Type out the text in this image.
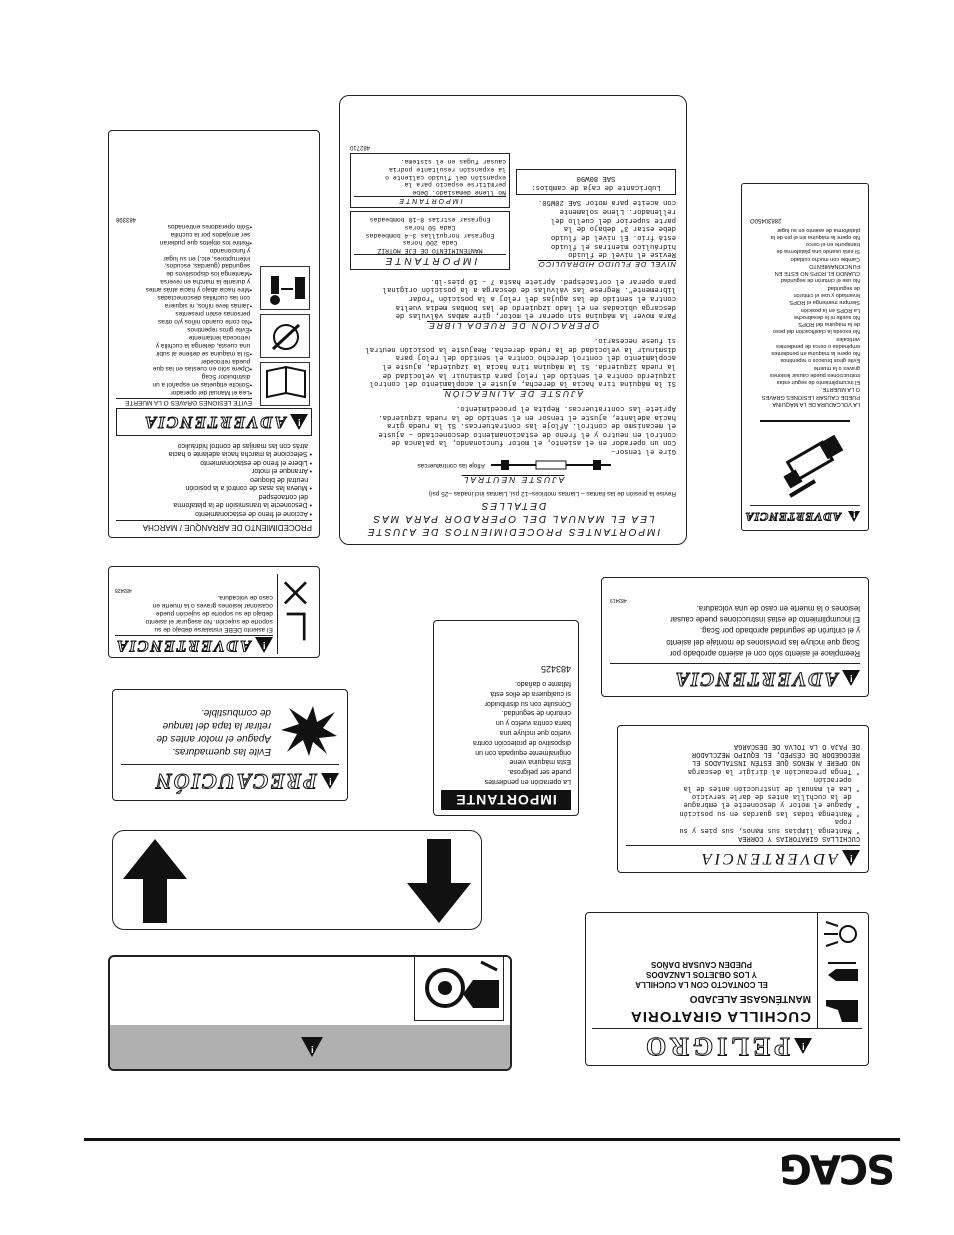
!
ADVERTENCIA

LA VOLCADURA DE LA MÁQUINA
PUEDE CAUSAR LESIONES GRAVES
O LA MUERTE.
El incumplimiento de seguir estas
instrucciones puede causar lesiones
graves o la muerte
Evite giros bruscos o repentinos
No opere la máquina en pendientes
empinadas o cerca de pendientes
verticales
No exceda la clasificación del peso
de la máquina del ROPS
No suelte ni le desabroche
La ROPS en la posición
Siempre mantenga el ROPS
levantado y use el cinturón
de seguridad
No use el cinturón de seguridad
CUANDO EL ROPS NO ESTÉ EN
FUNCIONAMIENTO
Cambie con mucho cuidado
Si está usando una plataforma de
transporte en el cerco
No opere la máquina sin el pin de la
plataforma de asiento en su lugar

28830450O
IMPORTANTES PROCEDIMIENTOS DE AJUSTE
LEA EL MANUAL DEL OPERADOR PARA MAS DETALLES
Revise la presión de las llantas – Llantas motrices–12 psi, Llantas incl.inadas –25 psi)
AJUSTE NEUTRAL
Afloje las contratuercas

Gire el tensor–
Con un operador en el asiento, el motor funcionando, la palanca de
control en neutro y el freno de estacionamiento desconectado – ajuste
el mecanismo de control. Afloje las contratuercas. Si la rueda gira
hacia adelante, ajuste el tensor en el sentido de la rueda izquierda.
Apriete las contratuercas. Repita el procedimiento.

AJUSTE DE ALINEACIÓN

Si la máquina tira hacia la derecha, ajuste el acoplamiento del control
izquierdo contra el sentido del reloj para disminuir la velocidad de
la rueda izquierda. Si la máquina tira hacia la izquierda, ajuste el
acoplamiento del control derecho contra el sentido del reloj para
disminuir la velocidad de la rueda derecha. Reajuste la posición neutral
si fuese necesario.

OPERACIÓN DE RUEDA LIBRE

Para mover la máquina sin operar el motor, gire ambas válvulas de
descarga ubicadas en el lado izquierdo de las bombas media vuelta
contra el sentido de las agujas del reloj a la posición "rodar
libremente". Regrese las válvulas de descarga a la posición original
para operar el cortacésped. Apriete hasta 7 – 10 pies-lb.

NIVEL DE FLUIDO HIDRAULICO

Revise el nivel de fluido
hidráulico mientras el fluido
está frío. El nivel de fluido
debe estar 3" debajo de la
parte superior del cuello del
rellenador. Llene solamente
con aceite para motor SAE 20W50.

Lubricante de caja de cambios:
SAE 80W90
IMPORTANTE

MANTENIMIENTO DE EJE MOTRIZ
Cada 200 horas
Engrasar horquillas 3–4 bombeadas
Cada 50 horas
Engrasar estrías 8–10 bombeadas

IMPORTANTE

No llene demasiado. Debe
permitirse espacio para la
expansión del fluido caliente o
la expansión resultante podría
causar fugas en el sistema.

482710
PROCEDIMIENTO DE ARRANQUE / MARCHA

• Accione el freno de estacionamiento
• Desconecte la transmisión de la plataforma
del cortacésped
• Mueva las asas de control a la posición
neutral de bloqueo
• Arranque el motor
• Libere el freno de estacionamiento
• Seleccione la marcha hacia adelante o hacia
atrás con las manijas de control hidráulico

!
ADVERTENCIA

EVITE LESIONES GRAVES O LA MUERTE

•Lea el Manual del operador
•Solicite etiquetas en español a un
distribuidor Scag
•Opere sólo en cuestas en las que
pueda retroceder
•Si la máquina se detiene al subir
una cuesta, detenga la cuchilla y
retroceda lentamente
•Evite giros repentinos
•No corte cuando niños y/o otras
personas estén presentes
•Jamás lleve niños, ni siquiera
con las cuchillas desconectadas
•Mire hacia abajo y hacia atrás antes
y durante la marcha en reversa
•Mantenga los dispositivos de
seguridad (guardas, escudos,
interruptores, etc.) en su lugar
y funcionando
•Retire los objetos que pudieran
ser arrojados por la cuchilla
•Sólo operadores entrenados

483398
!
ADVERTENCIA

El asiento DEBE instalarse debajo de su
soporte de sujeción. No asegurar el asiento
debajo de su soporte de sujeción puede
ocasionar lesiones graves o la muerte en
caso de volcadura.

483428
!
ADVERTENCIA

Reemplace el asiento sólo con el asiento aprobado por
Scag que incluye las provisiones de montaje del asiento
y el cinturón de seguridad aprobado por Scag.
El incumplimiento de estas instrucciones puede causar
lesiones o la muerte en caso de una volcadura.

483419
!
PRECAUCIÓN

Evite las quemaduras.
Apague el motor antes de
retirar la tapa del tanque
de combustible.

IMPORTANTE

La operación en pendientes
puede ser peligrosa.
Esta máquina viene
originalmente equipada con un
dispositivo de protección contra
vuelco que incluye una
barra contra vuelco y un
cinturón de seguridad.
Consulte con su distribuidor
si cualquiera de ellos está
faltante o dañado.

483425
!
ADVERTENCIA

CUCHILLAS GIRATORIAS Y CORREA
* Mantenga limpias sus manos, sus pies y su
ropa
* Mantenga todas las guardas en su posición
* Apague el motor y desconecte el embrague
de la cuchilla antes de darle servicio
* Lea el manual de instrucción antes de la
operación
* Tenga precaución al dirigir la descarga
NO OPERE A MENOS QUE ESTÉN INSTALADOS EL
RECOGEDOR DE CÉSPED, EL EQUIPO MEZCLADOR
DE PAJA O LA TOLVA DE DESCARGA

!
!
PELIGRO

CUCHILLA GIRATORIA
MANTÉNGASE ALEJADO

EL CONTACTO CON LA CUCHILLA
Y LOS OBJETOS LANZADOS
PUEDEN CAUSAR DAÑOS

SCAG
